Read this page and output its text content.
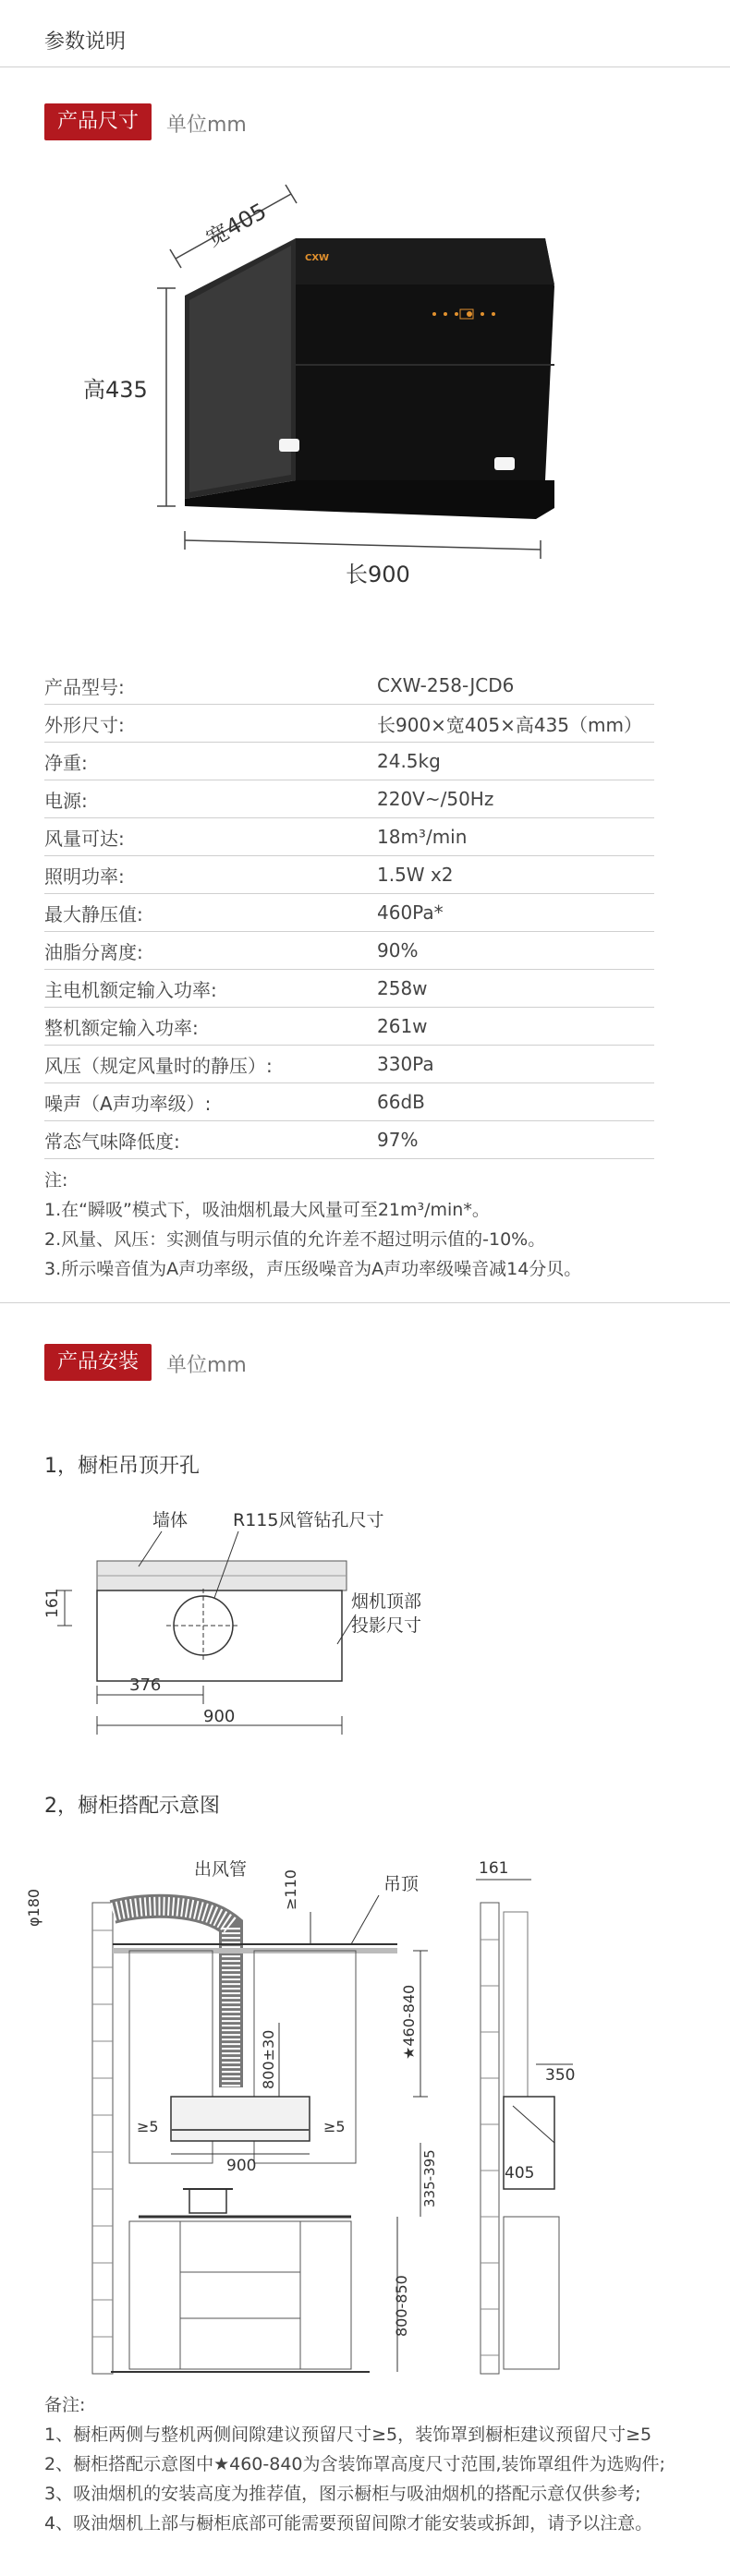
参数说明
产品尺寸	单位mm
宽405
高435
CXW
长900
产品型号:	CXW-258-JCD6
外形尺寸:	长900×宽405×高435（mm）
净重:	24.5kg
电源:	220V~/50Hz
风量可达:	18m³/min
照明功率:	1.5W x2
最大静压值:	460Pa*
油脂分离度:	90%
主电机额定输入功率:	258w
整机额定输入功率:	261w
风压（规定风量时的静压）:	330Pa
噪声（A声功率级）:	66dB
常态气味降低度:	97%
注:
1.在“瞬吸”模式下，吸油烟机最大风量可至21m³/min*。
2.风量、风压：实测值与明示值的允许差不超过明示值的-10%。
3.所示噪音值为A声功率级，声压级噪音为A声功率级噪音减14分贝。
产品安装	单位mm
1，橱柜吊顶开孔
墙体	R115风管钻孔尺寸
烟机顶部
投影尺寸
161
376
900
2，橱柜搭配示意图
出风管
吊顶
φ180	≥110
★460-840
800±30
≥5	≥5
900	335-395
800-850
161
350
405
备注:
1、橱柜两侧与整机两侧间隙建议预留尺寸≥5，装饰罩到橱柜建议预留尺寸≥5
2、橱柜搭配示意图中★460-840为含装饰罩高度尺寸范围,装饰罩组件为选购件;
3、吸油烟机的安装高度为推荐值，图示橱柜与吸油烟机的搭配示意仅供参考;
4、吸油烟机上部与橱柜底部可能需要预留间隙才能安装或拆卸，请予以注意。
